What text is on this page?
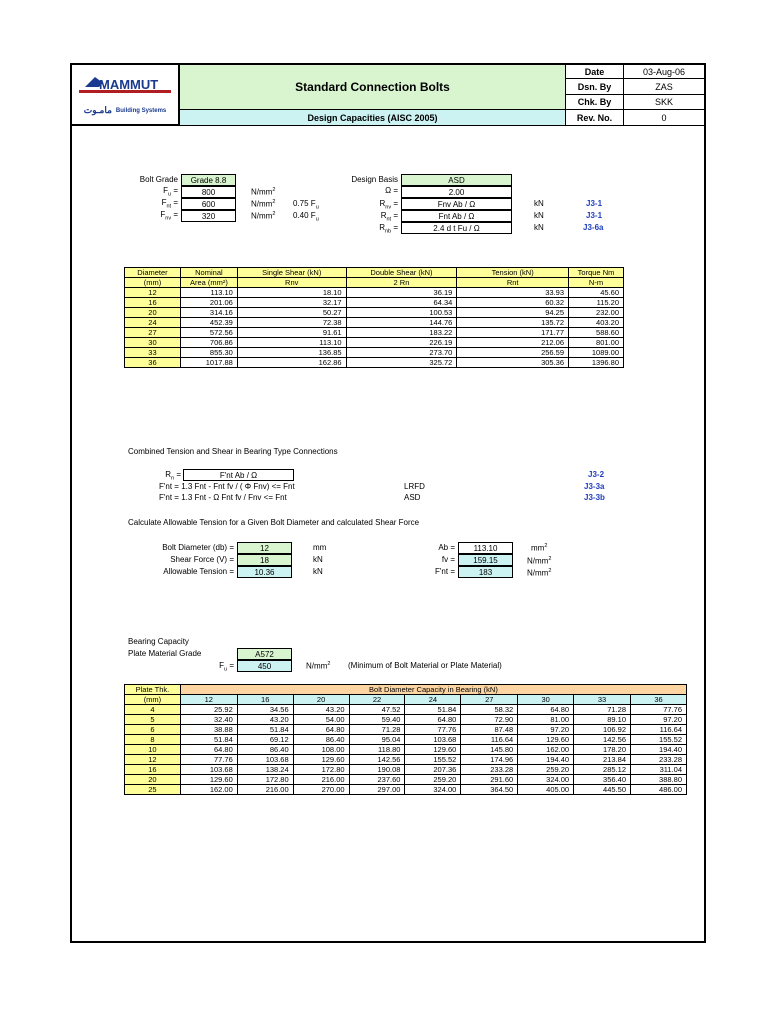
MAMMUT
مامـوت Building Systems
Standard Connection Bolts
Design Capacities (AISC 2005)
Date	03-Aug-06
Dsn. By	ZAS
Chk. By	SKK
Rev. No.	0
Bolt Grade	Grade 8.8
$F_u$ =	800	$N/mm^2$
$F_{nt}$ =	600	$N/mm^2$ 0.75 $F_u$
$F_{nv}$ =	320	$N/mm^2$ 0.40 $F_u$
Design Basis	ASD
Ω =	2.00
$R_{nv}$ =	Fnv Ab / Ω	kN	J3-1
$R_{nt}$ =	Fnt Ab / Ω	kN	J3-1
$R_{nb}$ =	2.4 d t Fu / Ω	kN	J3-6a
Diameter	Nominal	Single Shear (kN)	Double Shear (kN)	Tension (kN)	Torque Nm
(mm)	Area (mm²)	Rnv	2 Rn	Rnt	N-m
12	113.10	18.10	36.19	33.93	45.60
16	201.06	32.17	64.34	60.32	115.20
20	314.16	50.27	100.53	94.25	232.00
24	452.39	72.38	144.76	135.72	403.20
27	572.56	91.61	183.22	171.77	588.60
30	706.86	113.10	226.19	212.06	801.00
33	855.30	136.85	273.70	256.59	1089.00
36	1017.88	162.86	325.72	305.36	1396.80
Combined Tension and Shear in Bearing Type Connections
$R_n$ =	F'nt Ab / Ω	J3-2
F'nt = 1.3 Fnt - Fnt fv / ( Φ Fnv) <= Fnt	LRFD	J3-3a
F'nt = 1.3 Fnt - Ω Fnt fv / Fnv <= Fnt	ASD	J3-3b
Calculate Allowable Tension for a Given Bolt Diameter and calculated Shear Force
Bolt Diameter (db) =	12	mm
Shear Force (V) =	18	kN
Allowable Tension =	10.36	kN
Ab =	113.10	$mm^2$
fv =	159.15	$N/mm^2$
F'nt =	183	$N/mm^2$
Bearing Capacity
Plate Material Grade	A572
$F_u$ =	450	$N/mm^2$ (Minimum of Bolt Material or Plate Material)
Plate Thk.	Bolt Diameter Capacity in Bearing (kN)								
(mm)	12	16	20	22	24	27	30	33	36
4	25.92	34.56	43.20	47.52	51.84	58.32	64.80	71.28	77.76
5	32.40	43.20	54.00	59.40	64.80	72.90	81.00	89.10	97.20
6	38.88	51.84	64.80	71.28	77.76	87.48	97.20	106.92	116.64
8	51.84	69.12	86.40	95.04	103.68	116.64	129.60	142.56	155.52
10	64.80	86.40	108.00	118.80	129.60	145.80	162.00	178.20	194.40
12	77.76	103.68	129.60	142.56	155.52	174.96	194.40	213.84	233.28
16	103.68	138.24	172.80	190.08	207.36	233.28	259.20	285.12	311.04
20	129.60	172.80	216.00	237.60	259.20	291.60	324.00	356.40	388.80
25	162.00	216.00	270.00	297.00	324.00	364.50	405.00	445.50	486.00
